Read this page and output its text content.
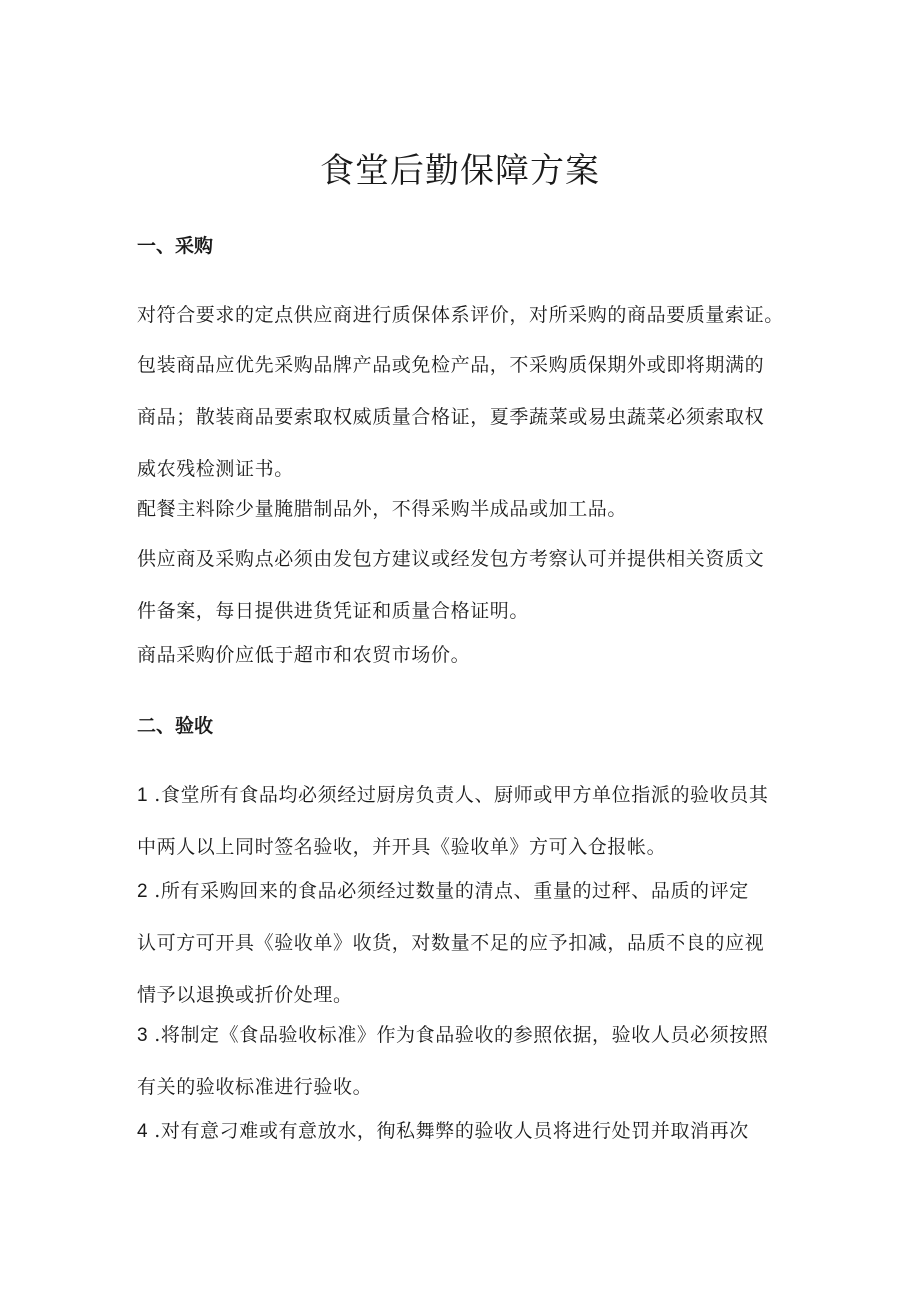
食堂后勤保障方案
一、采购

对符合要求的定点供应商进行质保体系评价，对所采购的商品要质量索证。

包装商品应优先采购品牌产品或免检产品，不采购质保期外或即将期满的
商品；散装商品要索取权威质量合格证，夏季蔬菜或易虫蔬菜必须索取权
威农残检测证书。

配餐主料除少量腌腊制品外，不得采购半成品或加工品。

供应商及采购点必须由发包方建议或经发包方考察认可并提供相关资质文
件备案，每日提供进货凭证和质量合格证明。

商品采购价应低于超市和农贸市场价。

二、验收

1 .食堂所有食品均必须经过厨房负责人、厨师或甲方单位指派的验收员其
中两人以上同时签名验收，并开具《验收单》方可入仓报帐。

2 .所有采购回来的食品必须经过数量的清点、重量的过秤、品质的评定
认可方可开具《验收单》收货，对数量不足的应予扣减，品质不良的应视
情予以退换或折价处理。

3 .将制定《食品验收标准》作为食品验收的参照依据，验收人员必须按照
有关的验收标准进行验收。

4 .对有意刁难或有意放水，徇私舞弊的验收人员将进行处罚并取消再次
